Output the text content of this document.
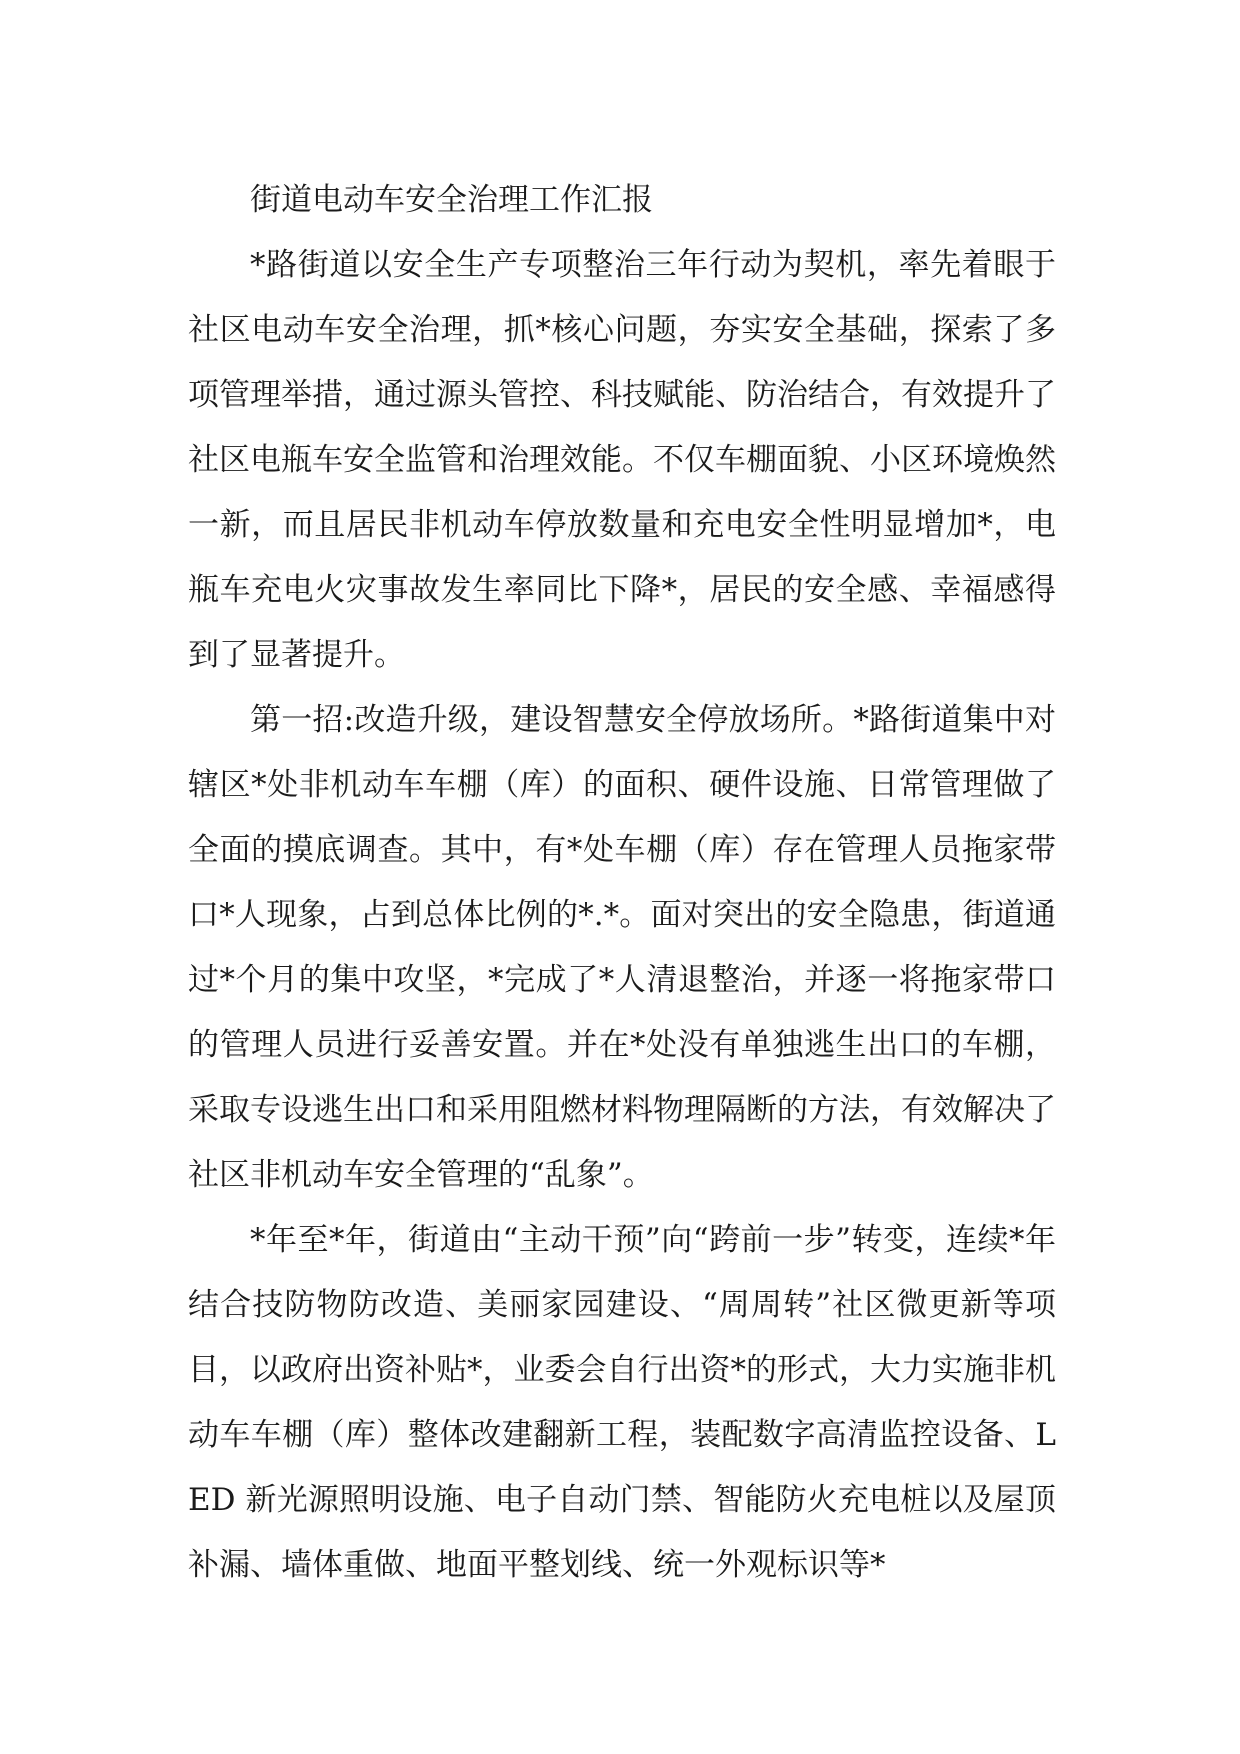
街道电动车安全治理工作汇报

*路街道以安全生产专项整治三年行动为契机，率先着眼于社区电动车安全治理，抓*核心问题，夯实安全基础，探索了多项管理举措，通过源头管控、科技赋能、防治结合，有效提升了社区电瓶车安全监管和治理效能。不仅车棚面貌、小区环境焕然一新，而且居民非机动车停放数量和充电安全性明显增加*，电瓶车充电火灾事故发生率同比下降*，居民的安全感、幸福感得到了显著提升。

第一招:改造升级，建设智慧安全停放场所。*路街道集中对辖区*处非机动车车棚（库）的面积、硬件设施、日常管理做了全面的摸底调查。其中，有*处车棚（库）存在管理人员拖家带口*人现象，占到总体比例的*.*。面对突出的安全隐患，街道通过*个月的集中攻坚，*完成了*人清退整治，并逐一将拖家带口的管理人员进行妥善安置。并在*处没有单独逃生出口的车棚，采取专设逃生出口和采用阻燃材料物理隔断的方法，有效解决了社区非机动车安全管理的“乱象”。

*年至*年，街道由“主动干预”向“跨前一步”转变，连续*年结合技防物防改造、美丽家园建设、“周周转”社区微更新等项目，以政府出资补贴*，业委会自行出资*的形式，大力实施非机动车车棚（库）整体改建翻新工程，装配数字高清监控设备、LED 新光源照明设施、电子自动门禁、智能防火充电桩以及屋顶补漏、墙体重做、地面平整划线、统一外观标识等*
